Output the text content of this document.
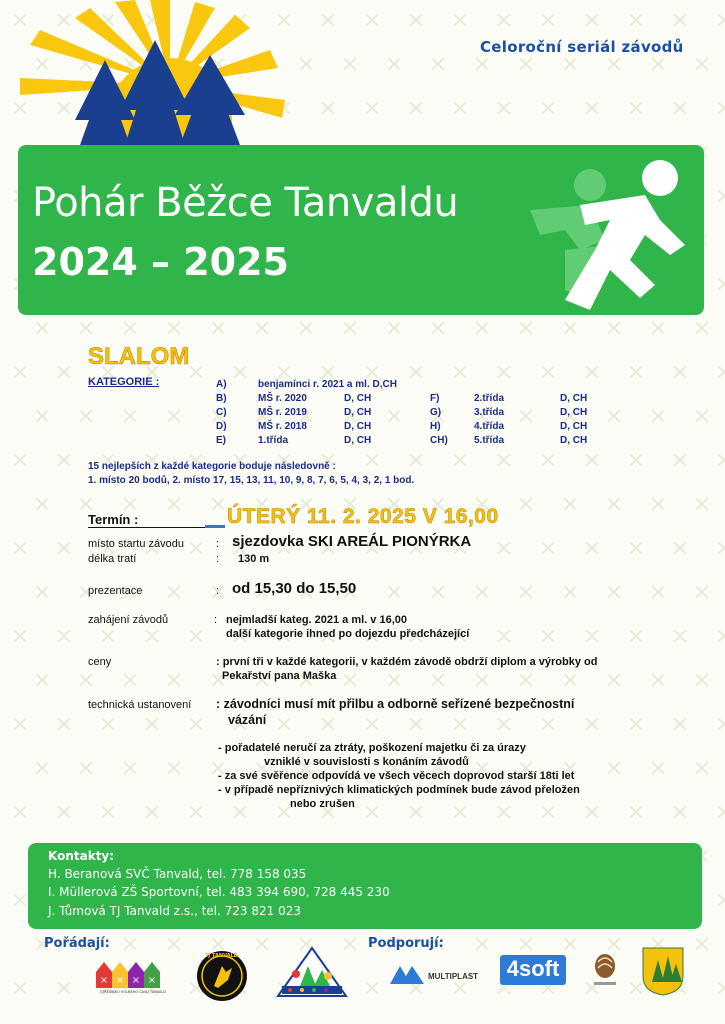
Celoroční seriál závodů
Pohár Běžce Tanvaldu
2024 – 2025
SLALOM
KATEGORIE :	A)	benjamínci r. 2021 a ml. D,CH
B)	MŠ r. 2020	D, CH
C)	MŠ r. 2019	D, CH
D)	MŠ r. 2018	D, CH
E)	1.třída	D, CH
F)	2.třída	D, CH
G)	3.třída	D, CH
H)	4.třída	D, CH
CH)	5.třída	D, CH
15 nejlepších z každé kategorie boduje následovně :
1. místo 20 bodů, 2. místo 17, 15, 13, 11, 10, 9, 8, 7, 6, 5, 4, 3, 2, 1 bod.
Termín :	ÚTERÝ 11. 2. 2025 V 16,00
místo startu závodu	: sjezdovka SKI AREÁL PIONÝRKA
délka tratí	: 130 m
prezentace	: od 15,30 do 15,50
zahájení závodů	: nejmladší kateg. 2021 a ml. v 16,00
další kategorie ihned po dojezdu předcházející
ceny	: první tři v každé kategorii, v každém závodě obdrží diplom a výrobky od
Pekařství pana Maška
technická ustanovení : závodníci musí mít přilbu a odborně seřízené bezpečnostní
vázání
- pořadatelé neručí za ztráty, poškození majetku či za úrazy
vzniklé v souvislosti s konáním závodů
- za své svěřence odpovídá ve všech věcech doprovod starší 18ti let
- v případě nepříznivých klimatických podmínek bude závod přeložen
nebo zrušen
Kontakty:
H. Beranová SVČ Tanvald, tel. 778 158 035
I. Müllerová ZŠ Sportovní, tel. 483 394 690, 728 445 230
J. Tůmová TJ Tanvald z.s., tel. 723 821 023
Pořádají:	Podporují:
× × × ×
STŘEDISKO VOLNÉHO ČASU TANVALD
TJ TANVALD
MULTIPLAST 4soft
